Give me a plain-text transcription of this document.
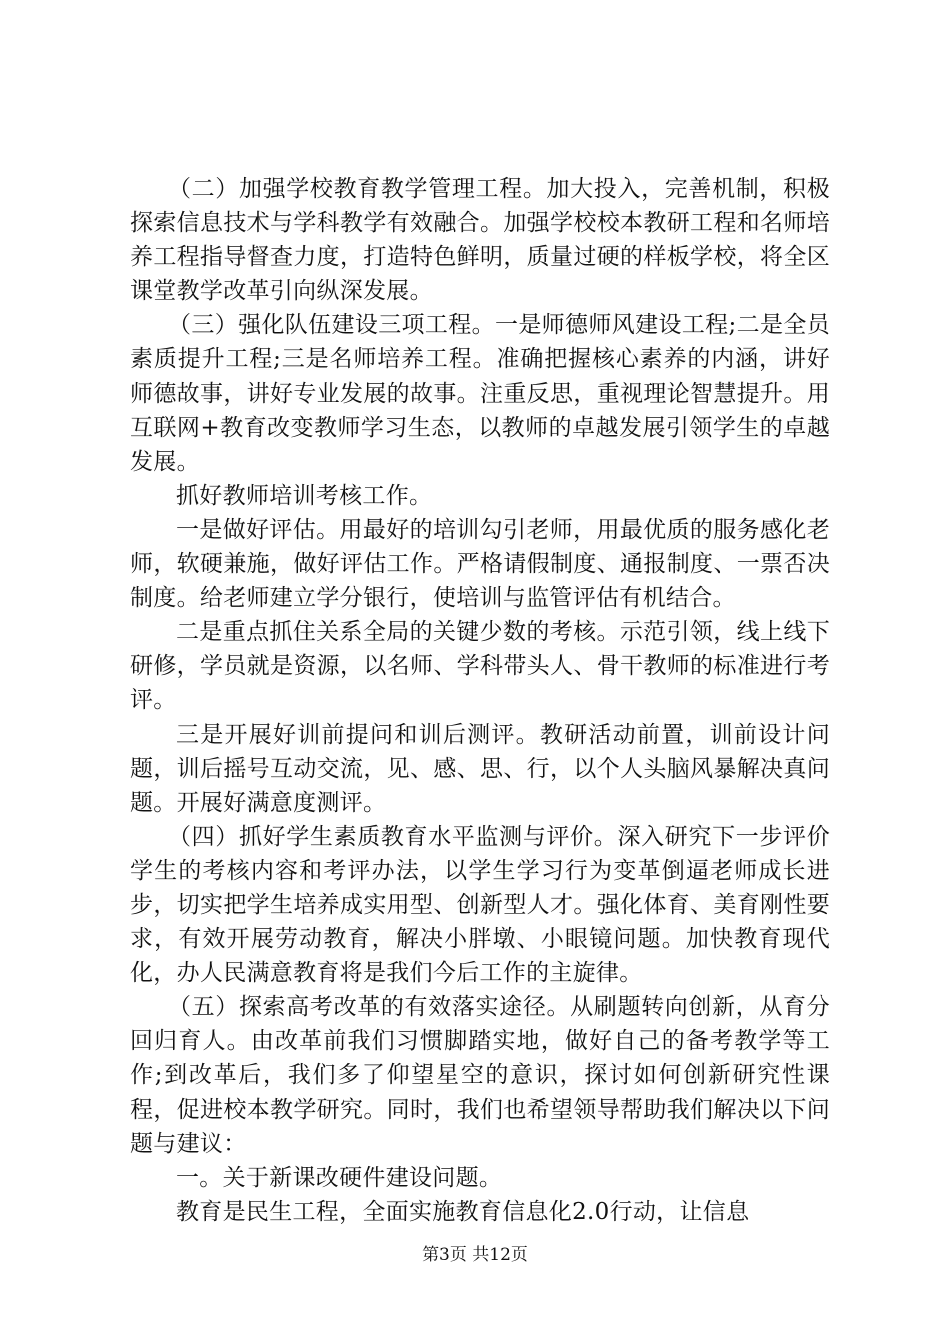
（二）加强学校教育教学管理工程。加大投入，完善机制，积极探索信息技术与学科教学有效融合。加强学校校本教研工程和名师培养工程指导督查力度，打造特色鲜明，质量过硬的样板学校，将全区课堂教学改革引向纵深发展。

（三）强化队伍建设三项工程。一是师德师风建设工程;二是全员素质提升工程;三是名师培养工程。准确把握核心素养的内涵，讲好师德故事，讲好专业发展的故事。注重反思，重视理论智慧提升。用互联网+教育改变教师学习生态，以教师的卓越发展引领学生的卓越发展。

抓好教师培训考核工作。

一是做好评估。用最好的培训勾引老师，用最优质的服务感化老师，软硬兼施，做好评估工作。严格请假制度、通报制度、一票否决制度。给老师建立学分银行，使培训与监管评估有机结合。

二是重点抓住关系全局的关键少数的考核。示范引领，线上线下研修，学员就是资源，以名师、学科带头人、骨干教师的标准进行考评。

三是开展好训前提问和训后测评。教研活动前置，训前设计问题，训后摇号互动交流，见、感、思、行，以个人头脑风暴解决真问题。开展好满意度测评。

（四）抓好学生素质教育水平监测与评价。深入研究下一步评价学生的考核内容和考评办法，以学生学习行为变革倒逼老师成长进步，切实把学生培养成实用型、创新型人才。强化体育、美育刚性要求，有效开展劳动教育，解决小胖墩、小眼镜问题。加快教育现代化，办人民满意教育将是我们今后工作的主旋律。

（五）探索高考改革的有效落实途径。从刷题转向创新，从育分回归育人。由改革前我们习惯脚踏实地，做好自己的备考教学等工作;到改革后，我们多了仰望星空的意识，探讨如何创新研究性课程，促进校本教学研究。同时，我们也希望领导帮助我们解决以下问题与建议：

一。关于新课改硬件建设问题。

教育是民生工程，全面实施教育信息化2.0行动，让信息

第3页 共12页
